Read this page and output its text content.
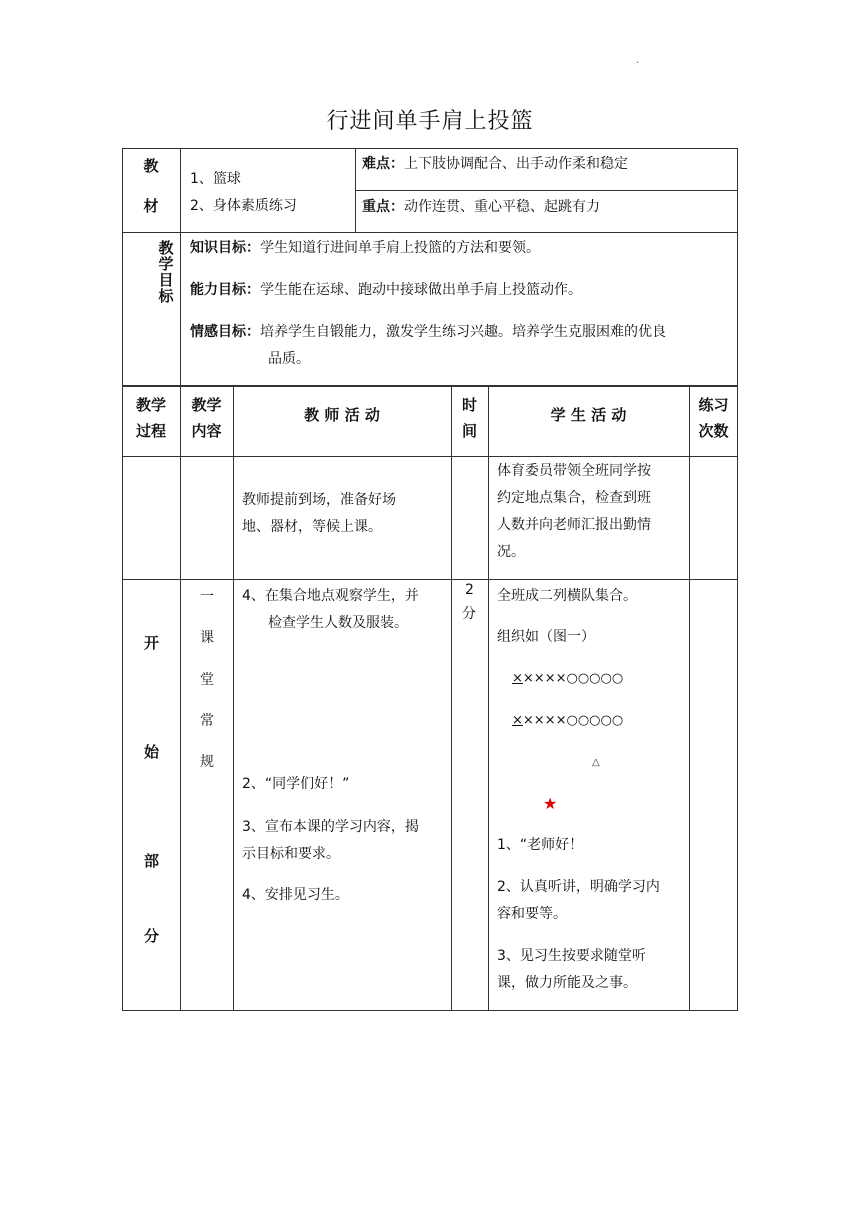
·
行进间单手肩上投篮
教
材
1、篮球
2、身体素质练习
难点：上下肢协调配合、出手动作柔和稳定
重点：动作连贯、重心平稳、起跳有力
教
学
目
标
知识目标：学生知道行进间单手肩上投篮的方法和要领。
能力目标：学生能在运球、跑动中接球做出单手肩上投篮动作。
情感目标：培养学生自锻能力，激发学生练习兴趣。培养学生克服困难的优良
品质。
教学
过程
教学
内容
教 师 活 动
时
间
学 生 活 动
练习
次数
教师提前到场，准备好场
地、器材，等候上课。
体育委员带领全班同学按
约定地点集合，检查到班
人数并向老师汇报出勤情
况。
开
始
部
分
一
课
堂
常
规
4、在集合地点观察学生，并
检查学生人数及服装。
2、“同学们好！”
3、宣布本课的学习内容，揭
示目标和要求。
4、安排见习生。
2
分
全班成二列横队集合。
组织如（图一）
×××××○○○○○
×××××○○○○○
△
★
1、“老师好！
2、认真听讲，明确学习内
容和要等。
3、见习生按要求随堂听
课，做力所能及之事。
